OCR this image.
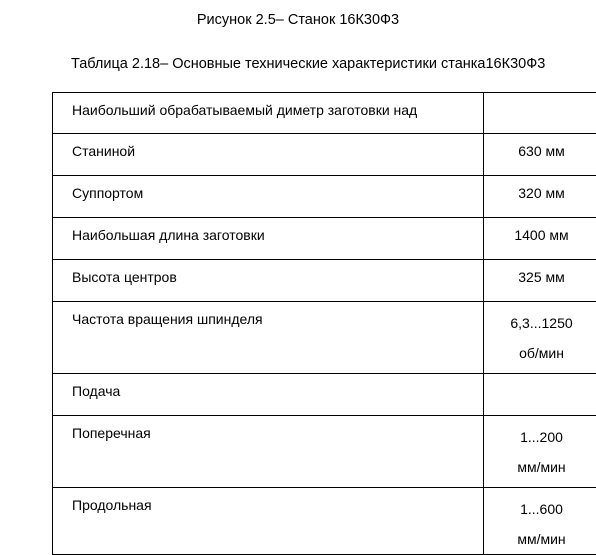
Рисунок 2.5– Станок 16К30Ф3
Таблица 2.18– Основные технические характеристики станка16К30Ф3
Наибольший обрабатываемый диметр заготовки над	

Станиной	630 мм

Суппортом	320 мм

Наибольшая длина заготовки	1400 мм

Высота центров	325 мм

Частота вращения шпинделя	6,3...1250
об/мин

Подача	

Поперечная	1...200
мм/мин

Продольная	1...600
мм/мин
